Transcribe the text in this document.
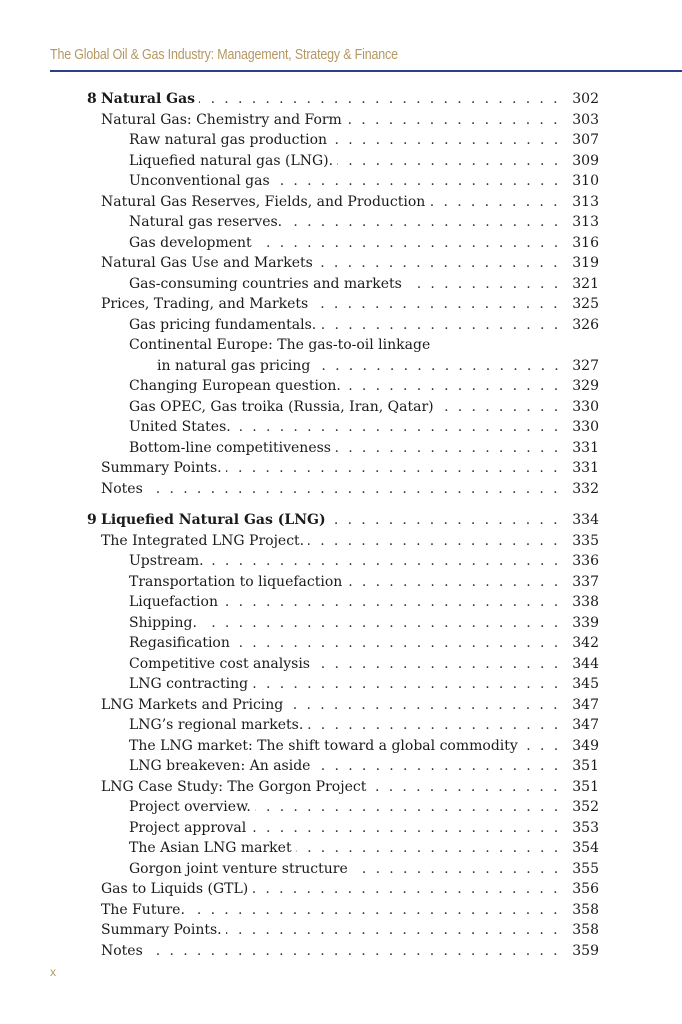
The Global Oil & Gas Industry: Management, Strategy & Finance
8 . . . Natural Gas	302
. . .
Natural Gas: Chemistry and Form	303
. . .
Raw natural gas production	307
. . .
Liquefied natural gas (LNG).	309
. . .
Unconventional gas	310
. . .
Natural Gas Reserves, Fields, and Production	313
. . .
Natural gas reserves.	313
. . .
Gas development	316
. . .
Natural Gas Use and Markets	319
. . .
Gas-consuming countries and markets	321
. . .
Prices, Trading, and Markets	325
. . .
Gas pricing fundamentals.	326
Continental Europe: The gas-to-oil linkage
. . .
in natural gas pricing	327
. . .
Changing European question.	329
. . .
Gas OPEC, Gas troika (Russia, Iran, Qatar)	330
. . .
United States.	330
. . .
Bottom-line competitiveness	331
. . .
Summary Points.	331
. . .
Notes	332
9 . . . Liquefied Natural Gas (LNG)	334
. . .
The Integrated LNG Project.	335
. . .
Upstream.	336
. . .
Transportation to liquefaction	337
. . .
Liquefaction	338
. . .
Shipping.	339
. . .
Regasification	342
. . .
Competitive cost analysis	344
. . .
LNG contracting	345
. . .
LNG Markets and Pricing	347
. . .
LNG’s regional markets.	347
. . .
The LNG market: The shift toward a global commodity	349
. . .
LNG breakeven: An aside	351
. . .
LNG Case Study: The Gorgon Project	351
. . .
Project overview.	352
. . .
Project approval	353
. . .
The Asian LNG market	354
. . .
Gorgon joint venture structure	355
. . .
Gas to Liquids (GTL)	356
. . .
The Future.	358
. . .
Summary Points.	358
. . .
Notes	359
x
